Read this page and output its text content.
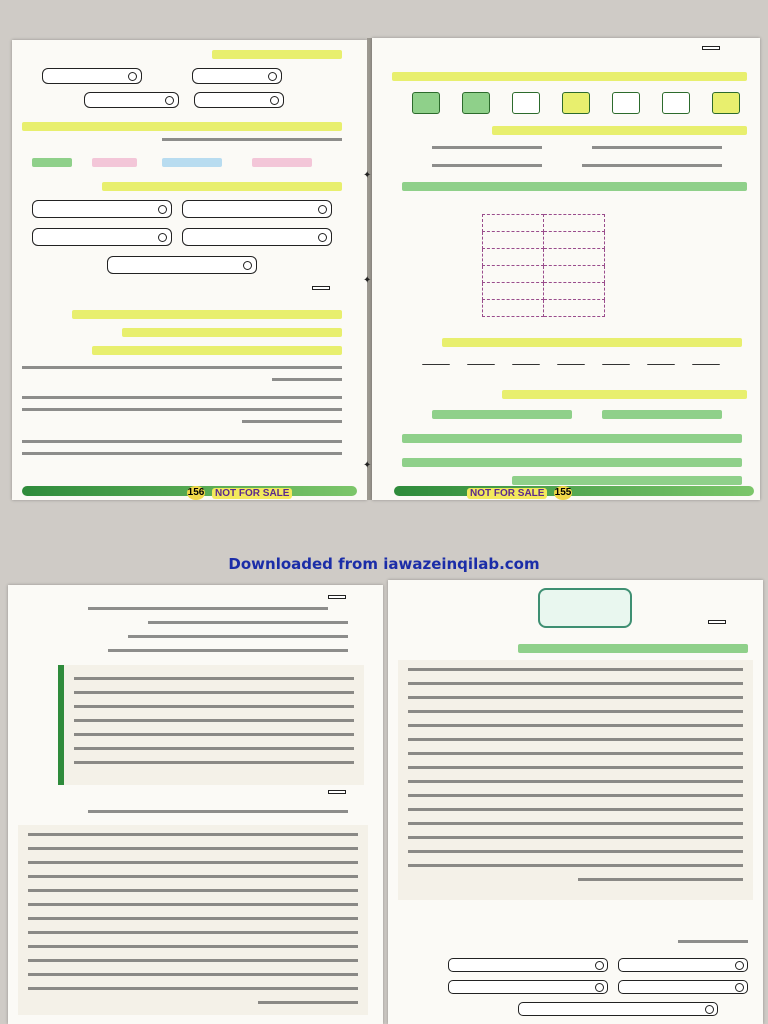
Downloaded from iawazeinqilab.com
NOT FOR SALE
156
✦
✦
✦

NOT FOR SALE	155
